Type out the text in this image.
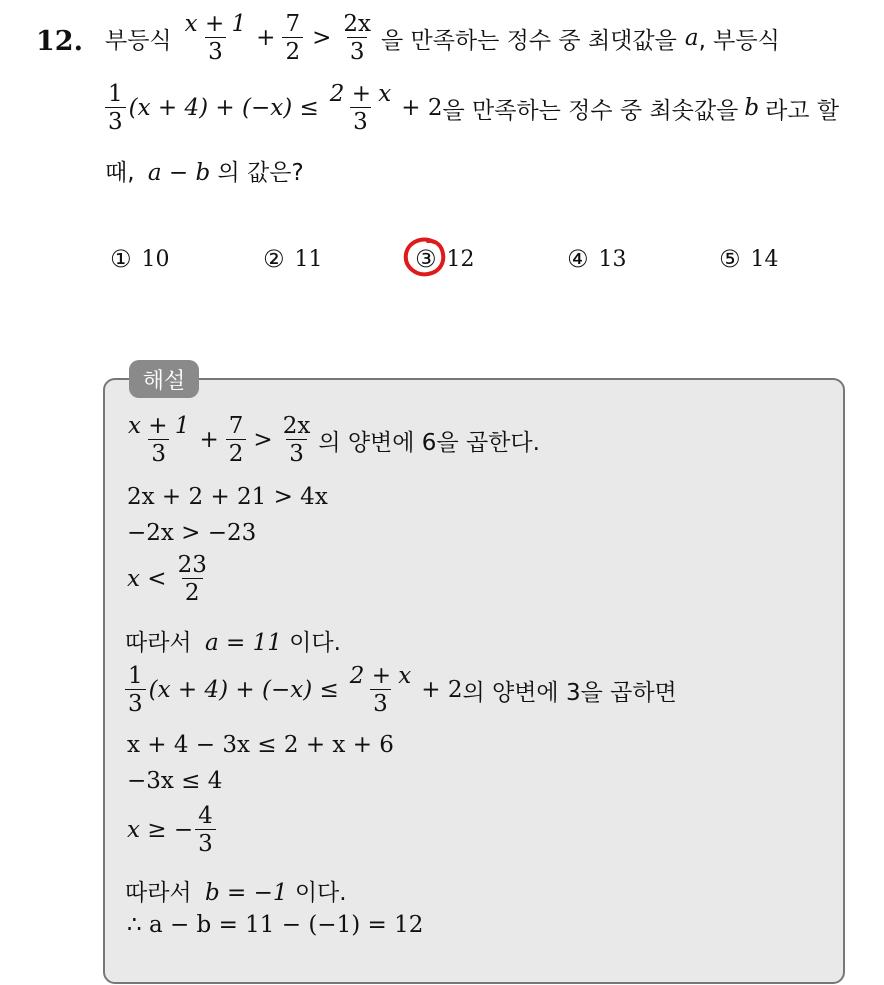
12. 부등식 $\frac{x + 1}{3} + \frac{7}{2} > \frac{2x}{3}$ 을 만족하는 정수 중 최댓값을 a , 부등식
$\frac{1}{3} (x + 4) + (-x) \le \frac{2 + x}{3} + 2$ 을 만족하는 정수 중 최솟값을 b 라고 할
때, a − b 의 값은?
① 10	② 11	③ 12	④ 13	⑤ 14
해설
$\frac{x + 1}{3} + \frac{7}{2} > \frac{2x}{3}$ 의 양변에 6을 곱한다.
2x + 2 + 21 > 4x
−2x > −23
$x < \frac{23}{2}$
따라서 a = 11 이다.
$\frac{1}{3} (x + 4) + (-x) \le \frac{2 + x}{3} + 2$ 의 양변에 3을 곱하면
x + 4 − 3x ≤ 2 + x + 6
−3x ≤ 4
x ≥ − $\frac{4}{3}$
따라서 b = −1 이다.
∴ a − b = 11 − (−1) = 12
